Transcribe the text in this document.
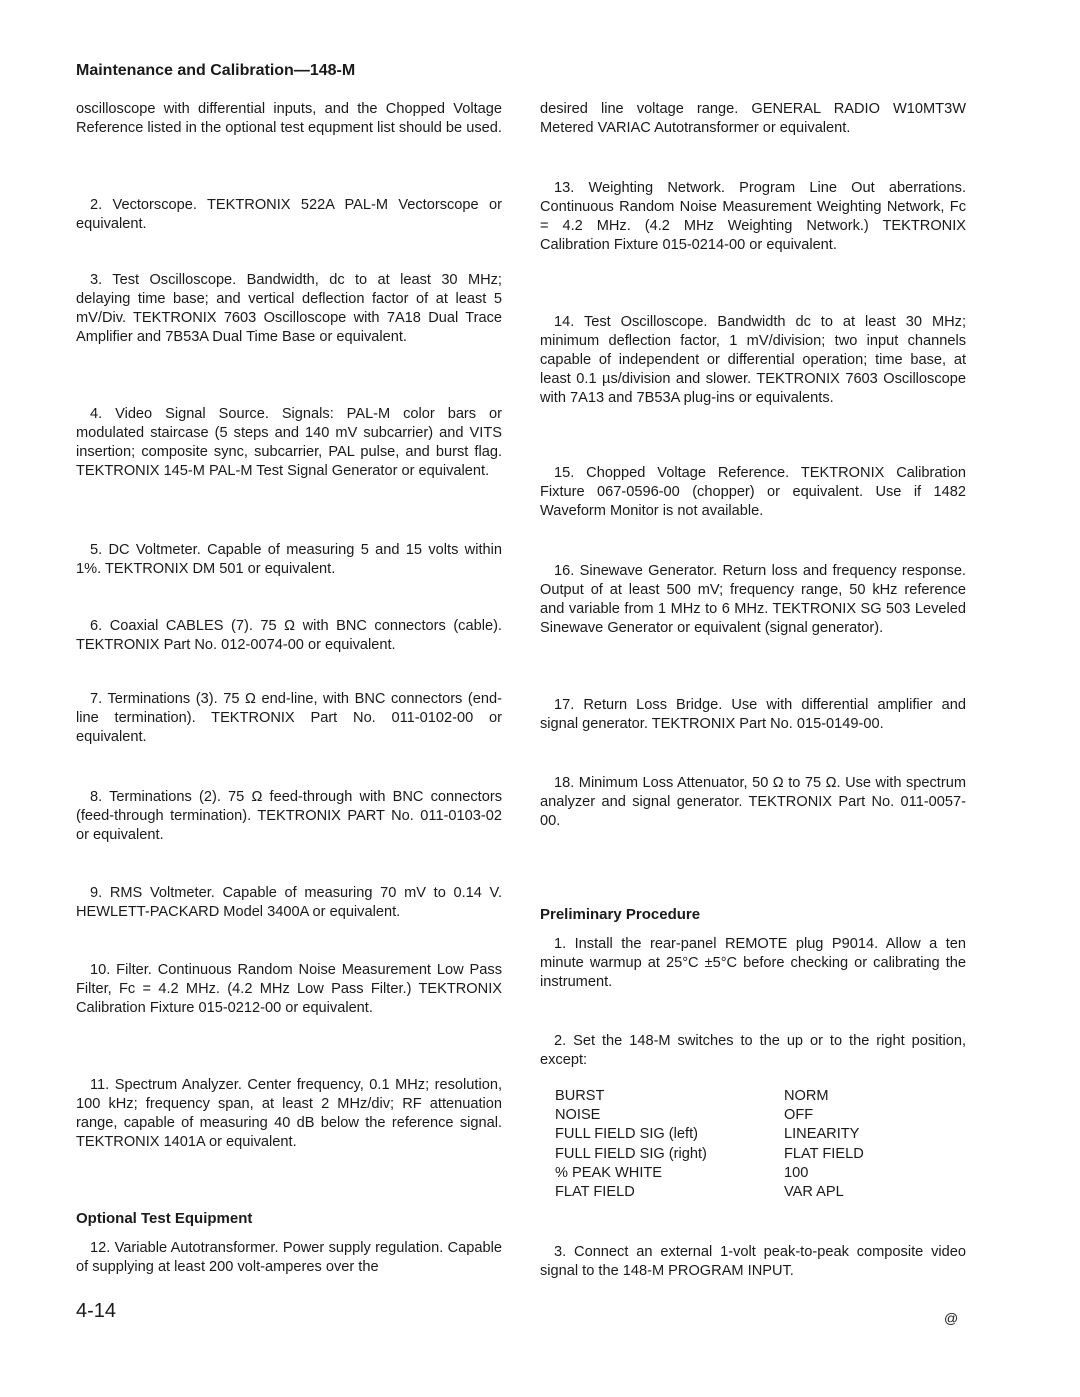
Maintenance and Calibration—148-M

oscilloscope with differential inputs, and the Chopped Voltage Reference listed in the optional test equpment list should be used.

2. Vectorscope. TEKTRONIX 522A PAL-M Vectorscope or equivalent.

3. Test Oscilloscope. Bandwidth, dc to at least 30 MHz; delaying time base; and vertical deflection factor of at least 5 mV/Div. TEKTRONIX 7603 Oscilloscope with 7A18 Dual Trace Amplifier and 7B53A Dual Time Base or equivalent.

4. Video Signal Source. Signals: PAL-M color bars or modulated staircase (5 steps and 140 mV subcarrier) and VITS insertion; composite sync, subcarrier, PAL pulse, and burst flag. TEKTRONIX 145-M PAL-M Test Signal Generator or equivalent.

5. DC Voltmeter. Capable of measuring 5 and 15 volts within 1%. TEKTRONIX DM 501 or equivalent.

6. Coaxial CABLES (7). 75 Ω with BNC connectors (cable). TEKTRONIX Part No. 012-0074-00 or equivalent.

7. Terminations (3). 75 Ω end-line, with BNC connectors (end-line termination). TEKTRONIX Part No. 011-0102-00 or equivalent.

8. Terminations (2). 75 Ω feed-through with BNC connectors (feed-through termination). TEKTRONIX PART No. 011-0103-02 or equivalent.

9. RMS Voltmeter. Capable of measuring 70 mV to 0.14 V. HEWLETT-PACKARD Model 3400A or equivalent.

10. Filter. Continuous Random Noise Measurement Low Pass Filter, Fc = 4.2 MHz. (4.2 MHz Low Pass Filter.) TEKTRONIX Calibration Fixture 015-0212-00 or equivalent.

11. Spectrum Analyzer. Center frequency, 0.1 MHz; resolution, 100 kHz; frequency span, at least 2 MHz/div; RF attenuation range, capable of measuring 40 dB below the reference signal. TEKTRONIX 1401A or equivalent.

Optional Test Equipment

12. Variable Autotransformer. Power supply regulation. Capable of supplying at least 200 volt-amperes over the

4-14

desired line voltage range. GENERAL RADIO W10MT3W Metered VARIAC Autotransformer or equivalent.

13. Weighting Network. Program Line Out aberrations. Continuous Random Noise Measurement Weighting Network, Fc = 4.2 MHz. (4.2 MHz Weighting Network.) TEKTRONIX Calibration Fixture 015-0214-00 or equivalent.

14. Test Oscilloscope. Bandwidth dc to at least 30 MHz; minimum deflection factor, 1 mV/division; two input channels capable of independent or differential operation; time base, at least 0.1 µs/division and slower. TEKTRONIX 7603 Oscilloscope with 7A13 and 7B53A plug-ins or equivalents.

15. Chopped Voltage Reference. TEKTRONIX Calibration Fixture 067-0596-00 (chopper) or equivalent. Use if 1482 Waveform Monitor is not available.

16. Sinewave Generator. Return loss and frequency response. Output of at least 500 mV; frequency range, 50 kHz reference and variable from 1 MHz to 6 MHz. TEKTRONIX SG 503 Leveled Sinewave Generator or equivalent (signal generator).

17. Return Loss Bridge. Use with differential amplifier and signal generator. TEKTRONIX Part No. 015-0149-00.

18. Minimum Loss Attenuator, 50 Ω to 75 Ω. Use with spectrum analyzer and signal generator. TEKTRONIX Part No. 011-0057-00.

Preliminary Procedure

1. Install the rear-panel REMOTE plug P9014. Allow a ten minute warmup at 25°C ±5°C before checking or calibrating the instrument.

2. Set the 148-M switches to the up or to the right position, except:

BURST	NORM
NOISE	OFF
FULL FIELD SIG (left)	LINEARITY
FULL FIELD SIG (right)	FLAT FIELD
% PEAK WHITE	100
FLAT FIELD	VAR APL

3. Connect an external 1-volt peak-to-peak composite video signal to the 148-M PROGRAM INPUT.

@
